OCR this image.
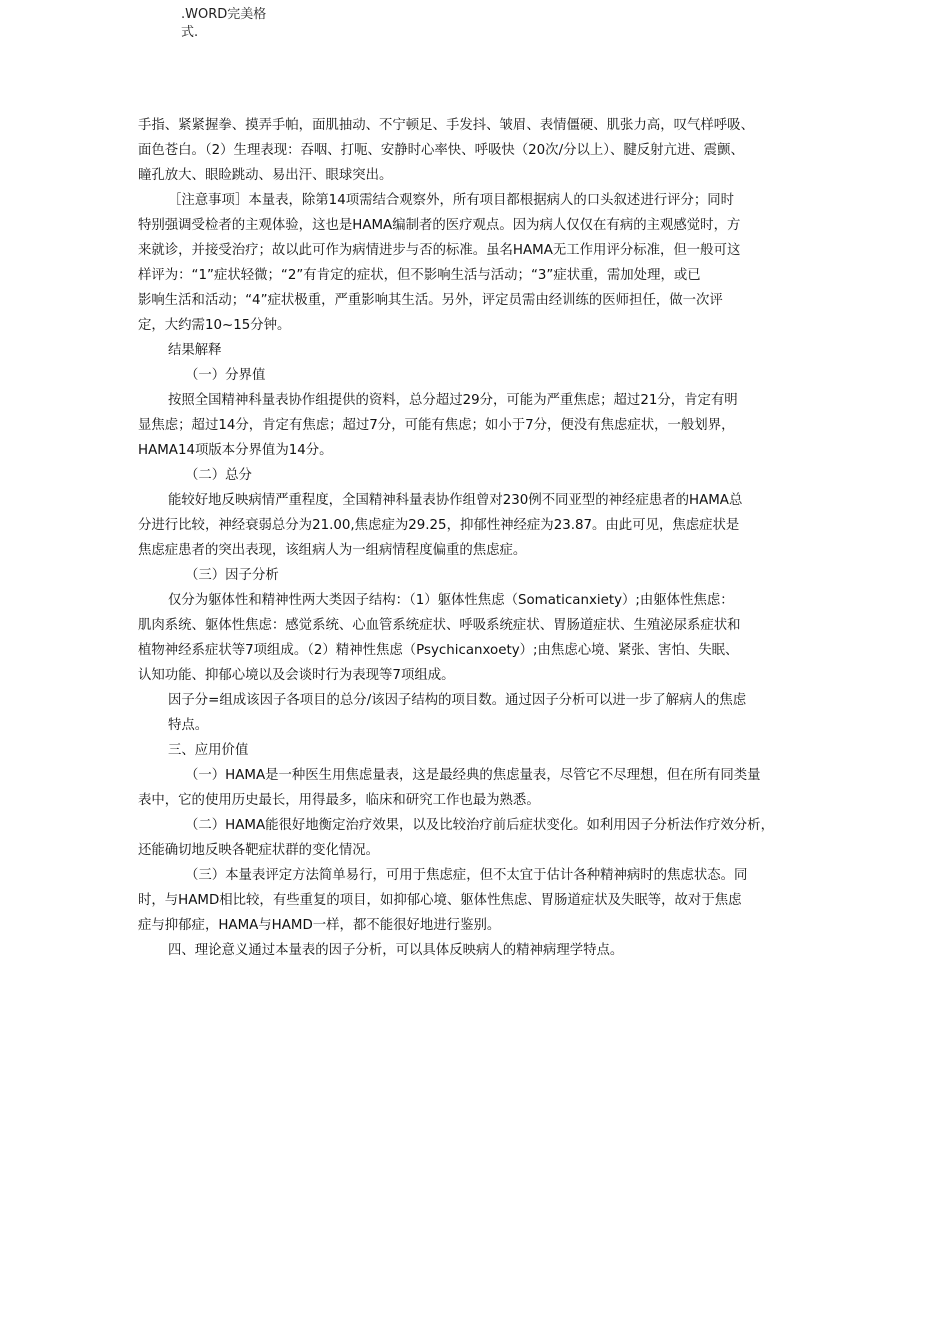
.WORD完美格
式.
手指、紧紧握拳、摸弄手帕，面肌抽动、不宁顿足、手发抖、皱眉、表情僵硬、肌张力高，叹气样呼吸、
面色苍白。（2）生理表现：吞咽、打呃、安静时心率快、呼吸快（20次/分以上）、腱反射亢进、震颤、
瞳孔放大、眼睑跳动、易出汗、眼球突出。
［注意事项］本量表，除第14项需结合观察外，所有项目都根据病人的口头叙述进行评分；同时
特别强调受检者的主观体验，这也是HAMA编制者的医疗观点。因为病人仅仅在有病的主观感觉时，方
来就诊，并接受治疗；故以此可作为病情进步与否的标准。虽名HAMA无工作用评分标准，但一般可这
样评为：“1”症状轻微；“2”有肯定的症状，但不影响生活与活动；“3”症状重，需加处理，或已
影响生活和活动；“4”症状极重，严重影响其生活。另外，评定员需由经训练的医师担任，做一次评
定，大约需10~15分钟。
结果解释
（一）分界值
按照全国精神科量表协作组提供的资料，总分超过29分，可能为严重焦虑；超过21分，肯定有明
显焦虑；超过14分，肯定有焦虑；超过7分，可能有焦虑；如小于7分，便没有焦虑症状，一般划界，
HAMA14项版本分界值为14分。
（二）总分
能较好地反映病情严重程度，全国精神科量表协作组曾对230例不同亚型的神经症患者的HAMA总
分进行比较，神经衰弱总分为21.00,焦虑症为29.25，抑郁性神经症为23.87。由此可见，焦虑症状是
焦虑症患者的突出表现，该组病人为一组病情程度偏重的焦虑症。
（三）因子分析
仅分为躯体性和精神性两大类因子结构：（1）躯体性焦虑（Somaticanxiety）;由躯体性焦虑：
肌肉系统、躯体性焦虑：感觉系统、心血管系统症状、呼吸系统症状、胃肠道症状、生殖泌尿系症状和
植物神经系症状等7项组成。（2）精神性焦虑（Psychicanxoety）;由焦虑心境、紧张、害怕、失眠、
认知功能、抑郁心境以及会谈时行为表现等7项组成。
因子分=组成该因子各项目的总分/该因子结构的项目数。通过因子分析可以进一步了解病人的焦虑
特点。
三、应用价值
（一）HAMA是一种医生用焦虑量表，这是最经典的焦虑量表，尽管它不尽理想，但在所有同类量
表中，它的使用历史最长，用得最多，临床和研究工作也最为熟悉。
（二）HAMA能很好地衡定治疗效果，以及比较治疗前后症状变化。如利用因子分析法作疗效分析，
还能确切地反映各靶症状群的变化情况。
（三）本量表评定方法简单易行，可用于焦虑症，但不太宜于估计各种精神病时的焦虑状态。同
时，与HAMD相比较，有些重复的项目，如抑郁心境、躯体性焦虑、胃肠道症状及失眠等，故对于焦虑
症与抑郁症，HAMA与HAMD一样，都不能很好地进行鉴别。
四、理论意义通过本量表的因子分析，可以具体反映病人的精神病理学特点。
